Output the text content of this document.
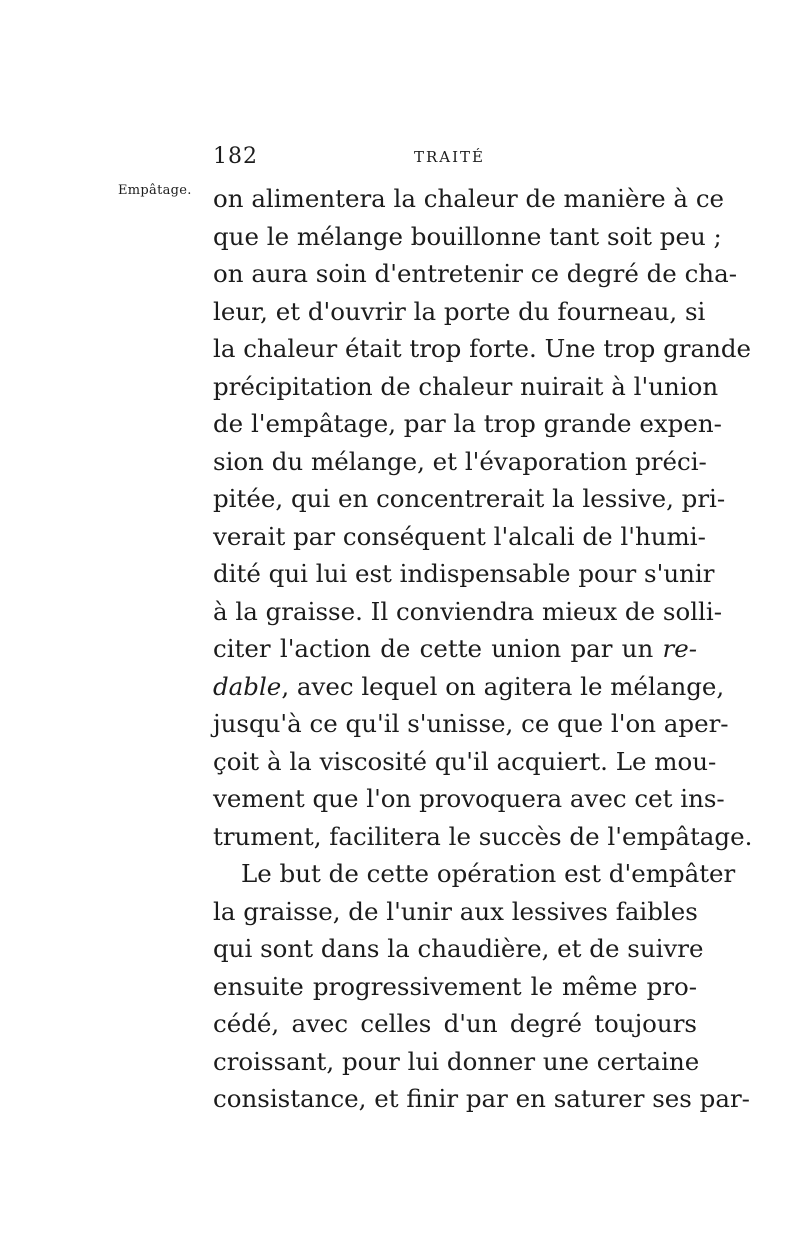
182	TRAITÉ
Empâtage. on alimentera la chaleur de manière à ce
que le mélange bouillonne tant soit peu ;
on aura soin d'entretenir ce degré de cha-
leur, et d'ouvrir la porte du fourneau, si
la chaleur était trop forte. Une trop grande
précipitation de chaleur nuirait à l'union
de l'empâtage, par la trop grande expen-
sion du mélange, et l'évaporation préci-
pitée, qui en concentrerait la lessive, pri-
verait par conséquent l'alcali de l'humi-
dité qui lui est indispensable pour s'unir
à la graisse. Il conviendra mieux de solli-
citer l'action de cette union par un re-
dable, avec lequel on agitera le mélange,
jusqu'à ce qu'il s'unisse, ce que l'on aper-
çoit à la viscosité qu'il acquiert. Le mou-
vement que l'on provoquera avec cet ins-
trument, facilitera le succès de l'empâtage.
Le but de cette opération est d'empâter
la graisse, de l'unir aux lessives faibles
qui sont dans la chaudière, et de suivre
ensuite progressivement le même pro-
cédé, avec celles d'un degré toujours
croissant, pour lui donner une certaine
consistance, et finir par en saturer ses par-
